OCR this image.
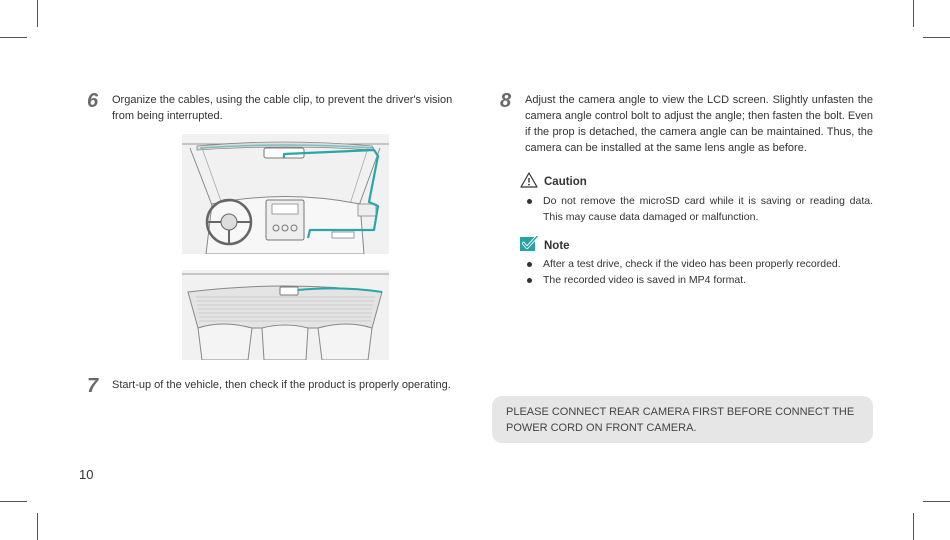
6 Organize the cables, using the cable clip, to prevent the driver's vision from being interrupted.
7 Start-up of the vehicle, then check if the product is properly operating.
8 Adjust the camera angle to view the LCD screen. Slightly unfasten the camera angle control bolt to adjust the angle; then fasten the bolt. Even if the prop is detached, the camera angle can be maintained. Thus, the camera can be installed at the same lens angle as before.
Caution
Do not remove the microSD card while it is saving or reading data. This may cause data damaged or malfunction.
Note
After a test drive, check if the video has been properly recorded.
The recorded video is saved in MP4 format.
PLEASE CONNECT REAR CAMERA FIRST BEFORE CONNECT THE POWER CORD ON FRONT CAMERA.
10
